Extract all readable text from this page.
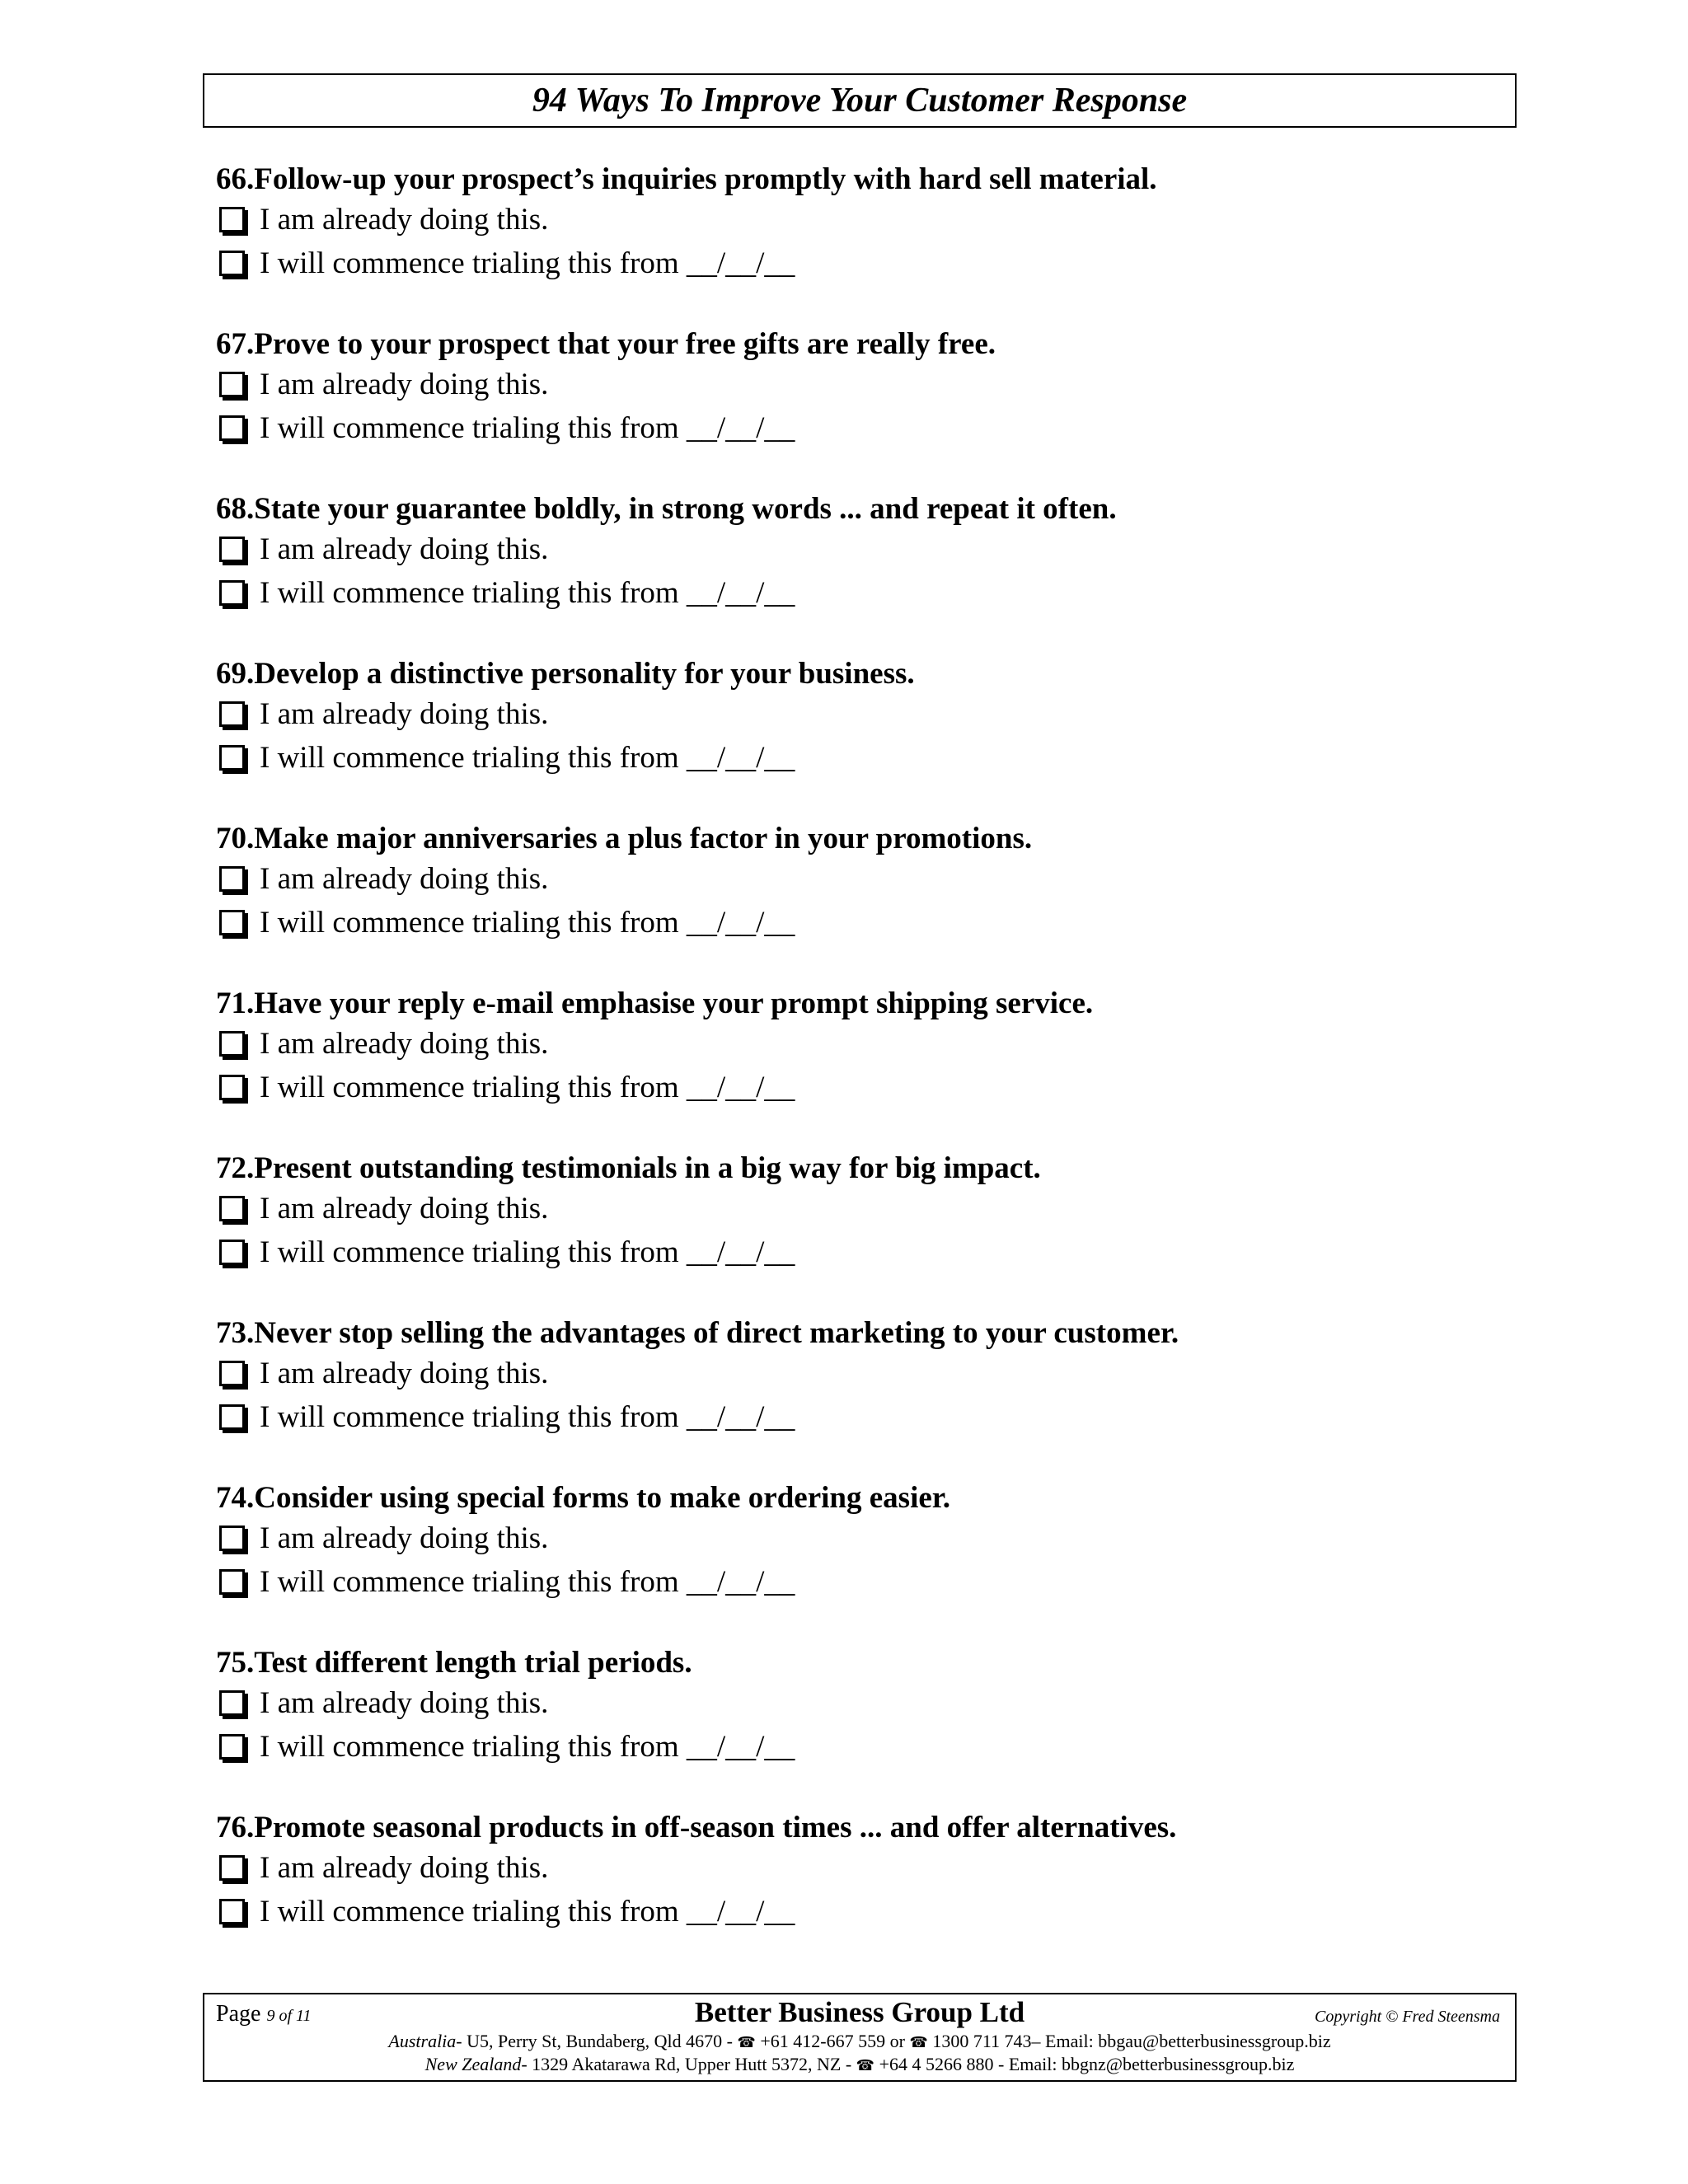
94 Ways To Improve Your Customer Response
66.Follow-up your prospect’s inquiries promptly with hard sell material.
I am already doing this.
I will commence trialing this from __/__/__
67.Prove to your prospect that your free gifts are really free.
I am already doing this.
I will commence trialing this from __/__/__
68.State your guarantee boldly, in strong words ... and repeat it often.
I am already doing this.
I will commence trialing this from __/__/__
69.Develop a distinctive personality for your business.
I am already doing this.
I will commence trialing this from __/__/__
70.Make major anniversaries a plus factor in your promotions.
I am already doing this.
I will commence trialing this from __/__/__
71.Have your reply e-mail emphasise your prompt shipping service.
I am already doing this.
I will commence trialing this from __/__/__
72.Present outstanding testimonials in a big way for big impact.
I am already doing this.
I will commence trialing this from __/__/__
73.Never stop selling the advantages of direct marketing to your customer.
I am already doing this.
I will commence trialing this from __/__/__
74.Consider using special forms to make ordering easier.
I am already doing this.
I will commence trialing this from __/__/__
75.Test different length trial periods.
I am already doing this.
I will commence trialing this from __/__/__
76.Promote seasonal products in off-season times ... and offer alternatives.
I am already doing this.
I will commence trialing this from __/__/__
Page 9 of 11	Better Business Group Ltd	Copyright © Fred Steensma
Australia- U5, Perry St, Bundaberg, Qld 4670 - ☎ +61 412-667 559 or ☎ 1300 711 743– Email: bbgau@betterbusinessgroup.biz
New Zealand- 1329 Akatarawa Rd, Upper Hutt 5372, NZ - ☎ +64 4 5266 880 - Email: bbgnz@betterbusinessgroup.biz
